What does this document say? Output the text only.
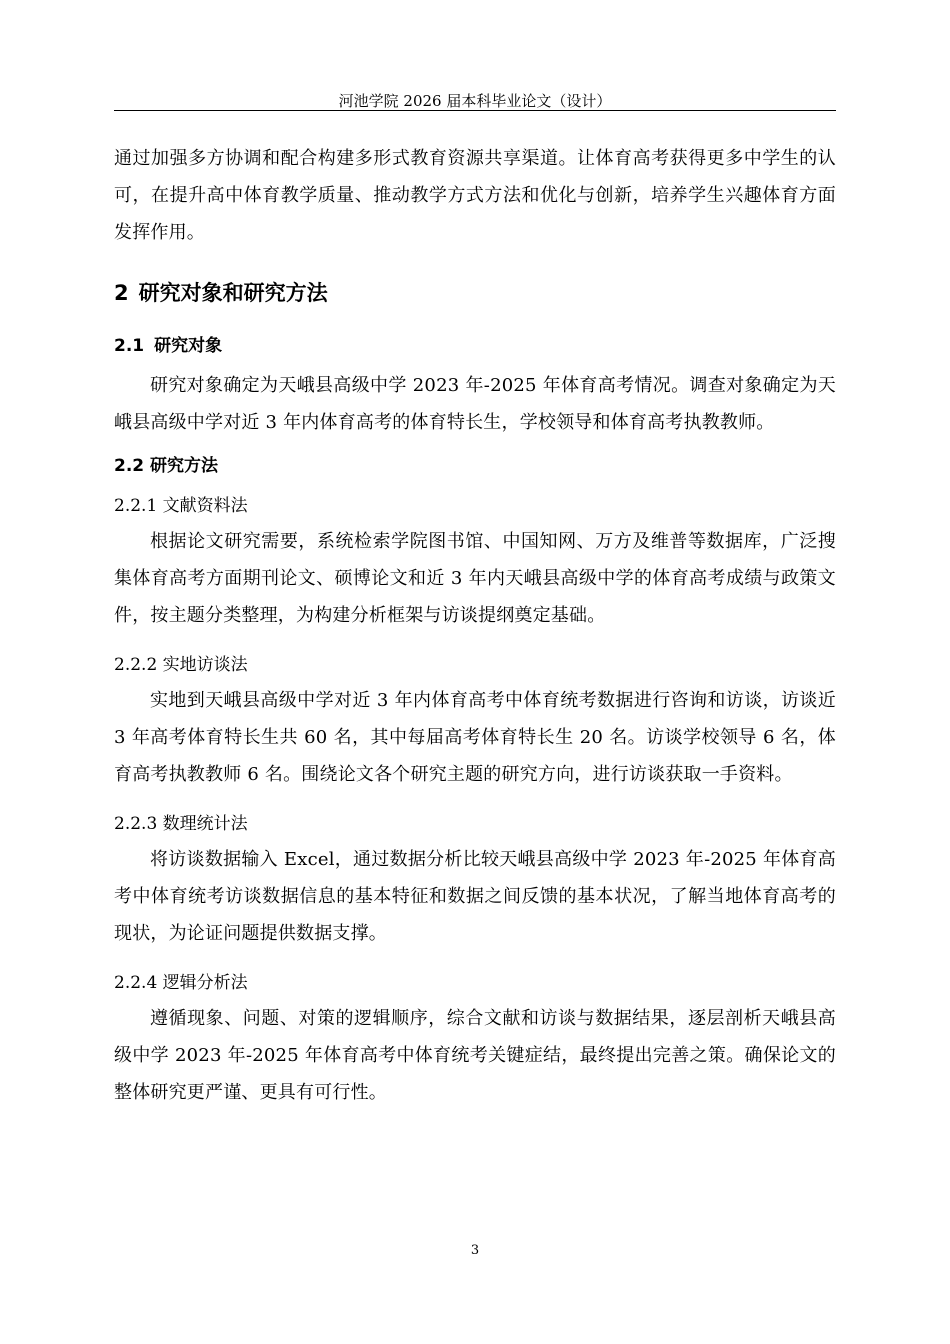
河池学院 2026 届本科毕业论文（设计）
通过加强多方协调和配合构建多形式教育资源共享渠道。让体育高考获得更多中学生的认可，在提升高中体育教学质量、推动教学方式方法和优化与创新，培养学生兴趣体育方面发挥作用。
2 研究对象和研究方法
2.1 研究对象
研究对象确定为天峨县高级中学 2023 年-2025 年体育高考情况。调查对象确定为天峨县高级中学对近 3 年内体育高考的体育特长生，学校领导和体育高考执教教师。
2.2 研究方法
2.2.1 文献资料法
根据论文研究需要，系统检索学院图书馆、中国知网、万方及维普等数据库，广泛搜集体育高考方面期刊论文、硕博论文和近 3 年内天峨县高级中学的体育高考成绩与政策文件，按主题分类整理，为构建分析框架与访谈提纲奠定基础。
2.2.2 实地访谈法
实地到天峨县高级中学对近 3 年内体育高考中体育统考数据进行咨询和访谈，访谈近 3 年高考体育特长生共 60 名，其中每届高考体育特长生 20 名。访谈学校领导 6 名，体育高考执教教师 6 名。围绕论文各个研究主题的研究方向，进行访谈获取一手资料。
2.2.3 数理统计法
将访谈数据输入 Excel，通过数据分析比较天峨县高级中学 2023 年-2025 年体育高考中体育统考访谈数据信息的基本特征和数据之间反馈的基本状况，了解当地体育高考的现状，为论证问题提供数据支撑。
2.2.4 逻辑分析法
遵循现象、问题、对策的逻辑顺序，综合文献和访谈与数据结果，逐层剖析天峨县高级中学 2023 年-2025 年体育高考中体育统考关键症结，最终提出完善之策。确保论文的整体研究更严谨、更具有可行性。
3
